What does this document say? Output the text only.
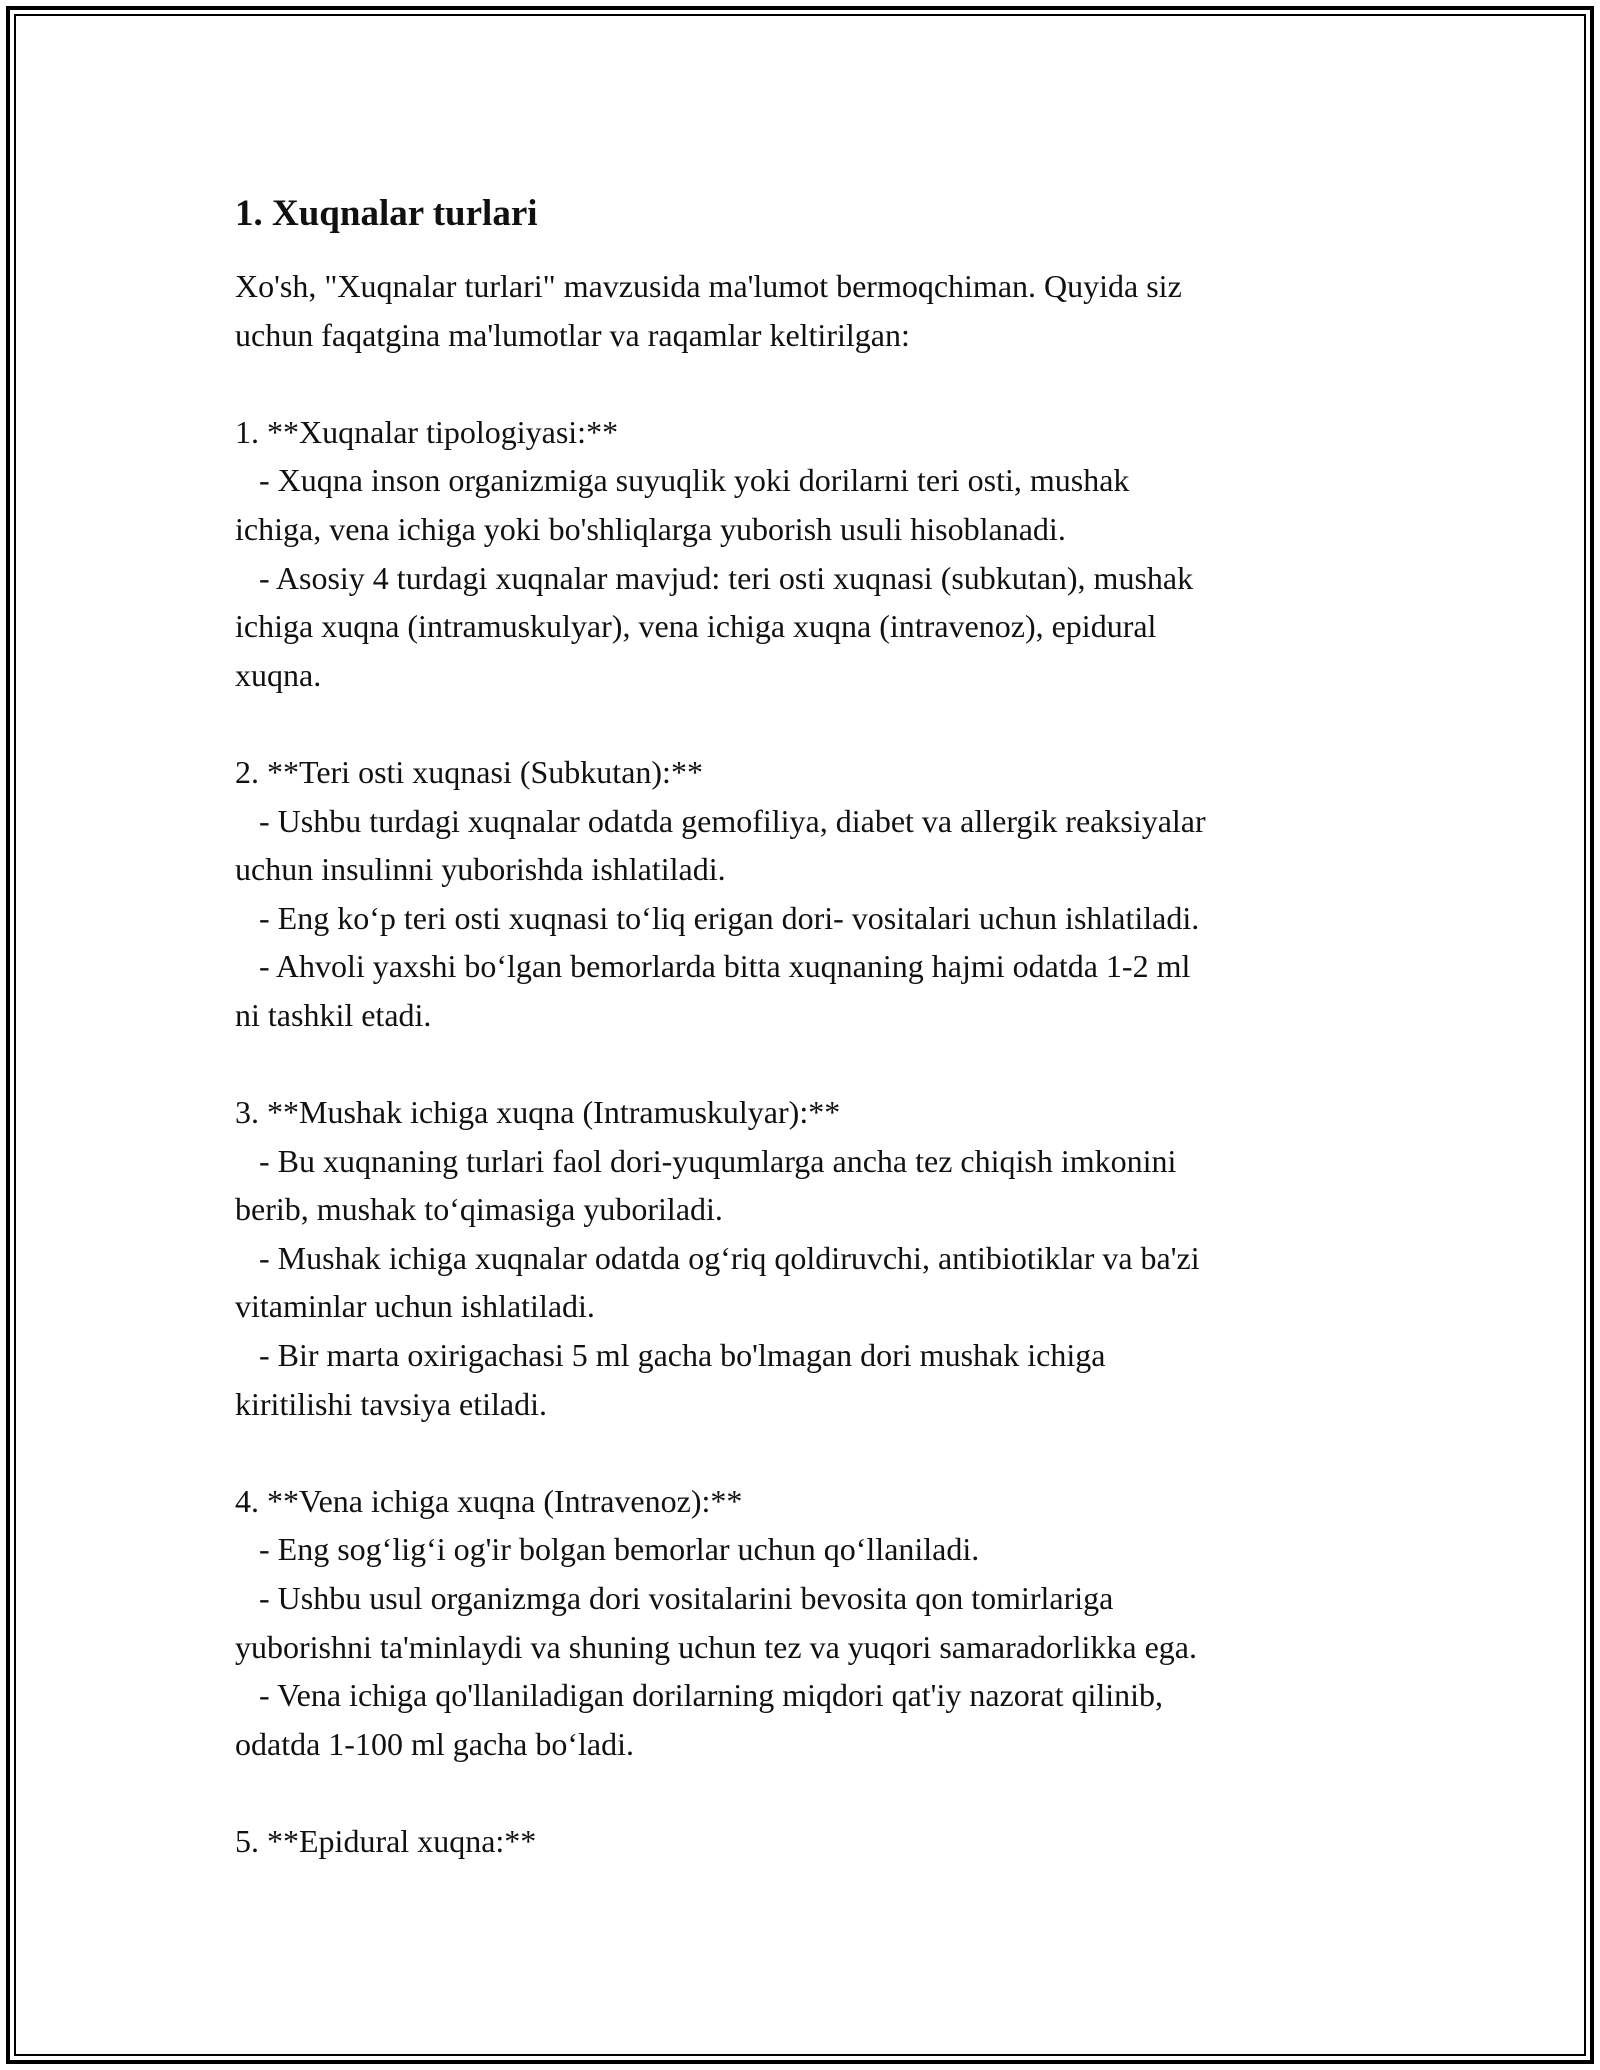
1. Xuqnalar turlari
Xo'sh, "Xuqnalar turlari" mavzusida ma'lumot bermoqchiman. Quyida siz
uchun faqatgina ma'lumotlar va raqamlar keltirilgan:
1. **Xuqnalar tipologiyasi:**
- Xuqna inson organizmiga suyuqlik yoki dorilarni teri osti, mushak
ichiga, vena ichiga yoki bo'shliqlarga yuborish usuli hisoblanadi.
- Asosiy 4 turdagi xuqnalar mavjud: teri osti xuqnasi (subkutan), mushak
ichiga xuqna (intramuskulyar), vena ichiga xuqna (intravenoz), epidural
xuqna.
2. **Teri osti xuqnasi (Subkutan):**
- Ushbu turdagi xuqnalar odatda gemofiliya, diabet va allergik reaksiyalar
uchun insulinni yuborishda ishlatiladi.
- Eng koʻp teri osti xuqnasi toʻliq erigan dori- vositalari uchun ishlatiladi.
- Ahvoli yaxshi boʻlgan bemorlarda bitta xuqnaning hajmi odatda 1-2 ml
ni tashkil etadi.
3. **Mushak ichiga xuqna (Intramuskulyar):**
- Bu xuqnaning turlari faol dori-yuqumlarga ancha tez chiqish imkonini
berib, mushak toʻqimasiga yuboriladi.
- Mushak ichiga xuqnalar odatda ogʻriq qoldiruvchi, antibiotiklar va ba'zi
vitaminlar uchun ishlatiladi.
- Bir marta oxirigachasi 5 ml gacha bo'lmagan dori mushak ichiga
kiritilishi tavsiya etiladi.
4. **Vena ichiga xuqna (Intravenoz):**
- Eng sogʻligʻi og'ir bolgan bemorlar uchun qoʻllaniladi.
- Ushbu usul organizmga dori vositalarini bevosita qon tomirlariga
yuborishni ta'minlaydi va shuning uchun tez va yuqori samaradorlikka ega.
- Vena ichiga qo'llaniladigan dorilarning miqdori qat'iy nazorat qilinib,
odatda 1-100 ml gacha boʻladi.
5. **Epidural xuqna:**
